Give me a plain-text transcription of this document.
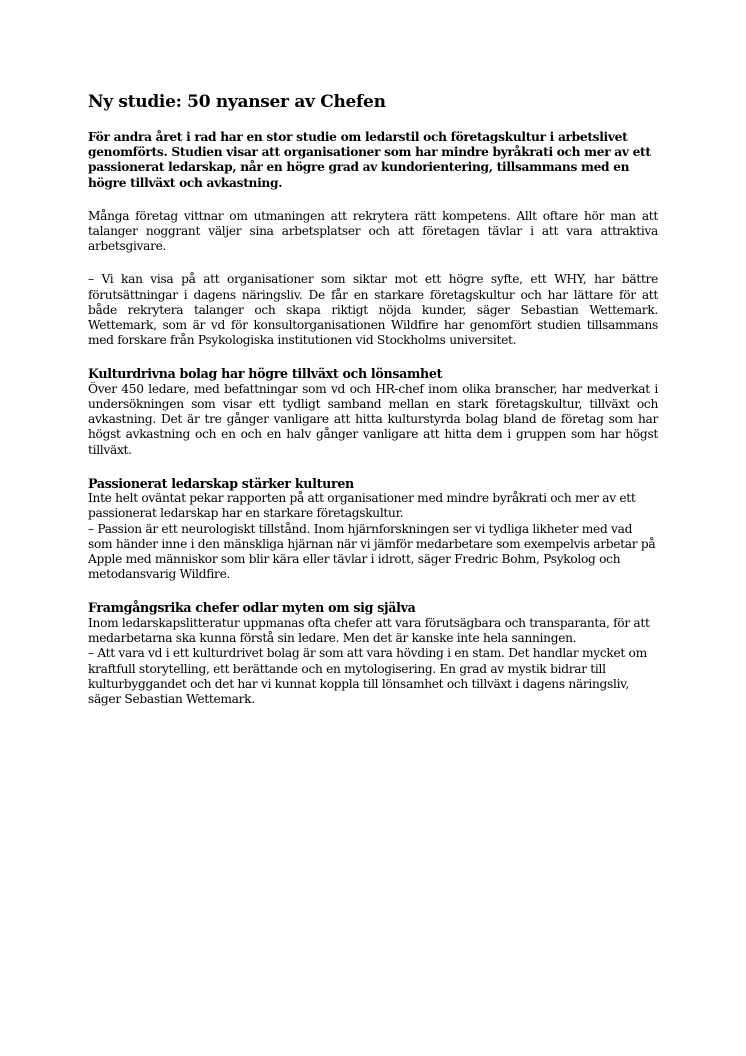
Ny studie: 50 nyanser av Chefen

För andra året i rad har en stor studie om ledarstil och företagskultur i arbetslivet genomförts. Studien visar att organisationer som har mindre byråkrati och mer av ett passionerat ledarskap, når en högre grad av kundorientering, tillsammans med en högre tillväxt och avkastning.

Många företag vittnar om utmaningen att rekrytera rätt kompetens. Allt oftare hör man att talanger noggrant väljer sina arbetsplatser och att företagen tävlar i att vara attraktiva arbetsgivare.

– Vi kan visa på att organisationer som siktar mot ett högre syfte, ett WHY, har bättre förutsättningar i dagens näringsliv. De får en starkare företagskultur och har lättare för att både rekrytera talanger och skapa riktigt nöjda kunder, säger Sebastian Wettemark. Wettemark, som är vd för konsultorganisationen Wildfire har genomfört studien tillsammans med forskare från Psykologiska institutionen vid Stockholms universitet.

Kulturdrivna bolag har högre tillväxt och lönsamhet

Över 450 ledare, med befattningar som vd och HR-chef inom olika branscher, har medverkat i undersökningen som visar ett tydligt samband mellan en stark företagskultur, tillväxt och avkastning. Det är tre gånger vanligare att hitta kulturstyrda bolag bland de företag som har högst avkastning och en och en halv gånger vanligare att hitta dem i gruppen som har högst tillväxt.

Passionerat ledarskap stärker kulturen

Inte helt oväntat pekar rapporten på att organisationer med mindre byråkrati och mer av ett passionerat ledarskap har en starkare företagskultur.

– Passion är ett neurologiskt tillstånd. Inom hjärnforskningen ser vi tydliga likheter med vad som händer inne i den mänskliga hjärnan när vi jämför medarbetare som exempelvis arbetar på Apple med människor som blir kära eller tävlar i idrott, säger Fredric Bohm, Psykolog och metodansvarig Wildfire.

Framgångsrika chefer odlar myten om sig själva

Inom ledarskapslitteratur uppmanas ofta chefer att vara förutsägbara och transparanta, för att medarbetarna ska kunna förstå sin ledare. Men det är kanske inte hela sanningen.

– Att vara vd i ett kulturdrivet bolag är som att vara hövding i en stam. Det handlar mycket om kraftfull storytelling, ett berättande och en mytologisering. En grad av mystik bidrar till kulturbyggandet och det har vi kunnat koppla till lönsamhet och tillväxt i dagens näringsliv, säger Sebastian Wettemark.
